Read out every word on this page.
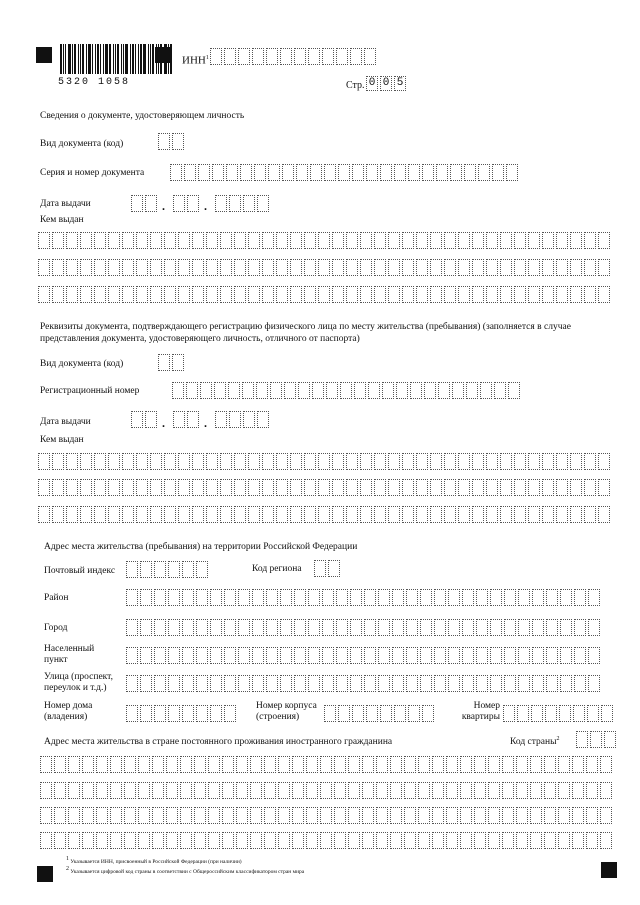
5320 1058
ИНН$^1$
Стр. 0 0 5
Сведения о документе, удостоверяющем личность
Вид документа (код)
Серия и номер документа
Дата выдачи	.	.
Кем выдан
Реквизиты документа, подтверждающего регистрацию физического лица по месту жительства (пребывания) (заполняется в случае представления документа, удостоверяющего личность, отличного от паспорта)
Вид документа (код)
Регистрационный номер
Дата выдачи	.	.
Кем выдан
Адрес места жительства (пребывания) на территории Российской Федерации
Почтовый индекс	Код региона
Район
Город
Населенный пункт
Улица (проспект, переулок и т.д.)
Номер дома (владения)
Номер корпуса (строения)
Номер квартиры
Адрес места жительства в стране постоянного проживания иностранного гражданина	Код страны$^2$
$^1$ Указывается ИНН, присвоенный в Российской Федерации (при наличии)
$^2$ Указывается цифровой код страны в соответствии с Общероссийским классификатором стран мира
